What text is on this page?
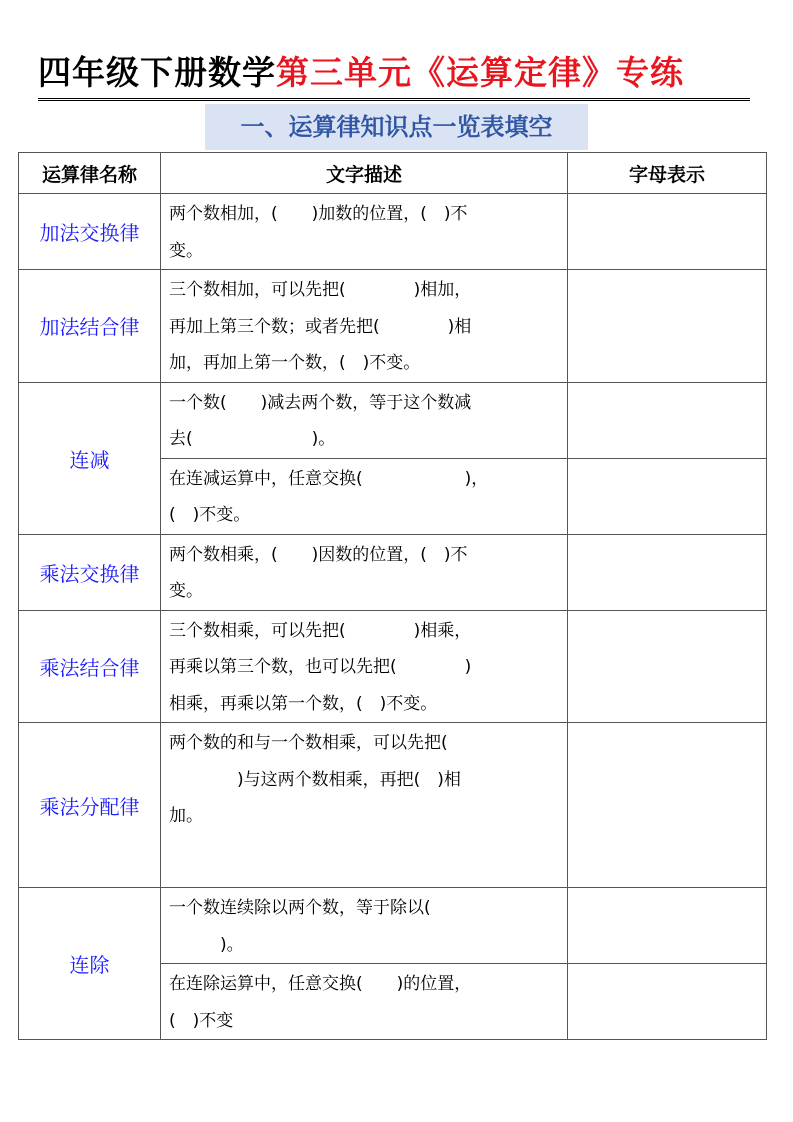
四年级下册数学第三单元《运算定律》专练
一、运算律知识点一览表填空
运算律名称	文字描述	字母表示
加法交换律	两个数相加，(　　)加数的位置，(　)不
变。	
加法结合律	三个数相加，可以先把(　　　　)相加，
再加上第三个数；或者先把(　　　　)相
加，再加上第一个数，(　)不变。	
连减	一个数(　　)减去两个数，等于这个数减
去(　　　　　　　)。	
	在连减运算中，任意交换(　　　　　　)，
(　)不变。	
乘法交换律	两个数相乘，(　　)因数的位置，(　)不
变。	
乘法结合律	三个数相乘，可以先把(　　　　)相乘，
再乘以第三个数，也可以先把(　　　　)
相乘，再乘以第一个数，(　)不变。	
乘法分配律	两个数的和与一个数相乘，可以先把(
　　　　)与这两个数相乘，再把(　)相
加。	
连除	一个数连续除以两个数，等于除以(
　　　)。	
	在连除运算中，任意交换(　　)的位置，
(　)不变	
